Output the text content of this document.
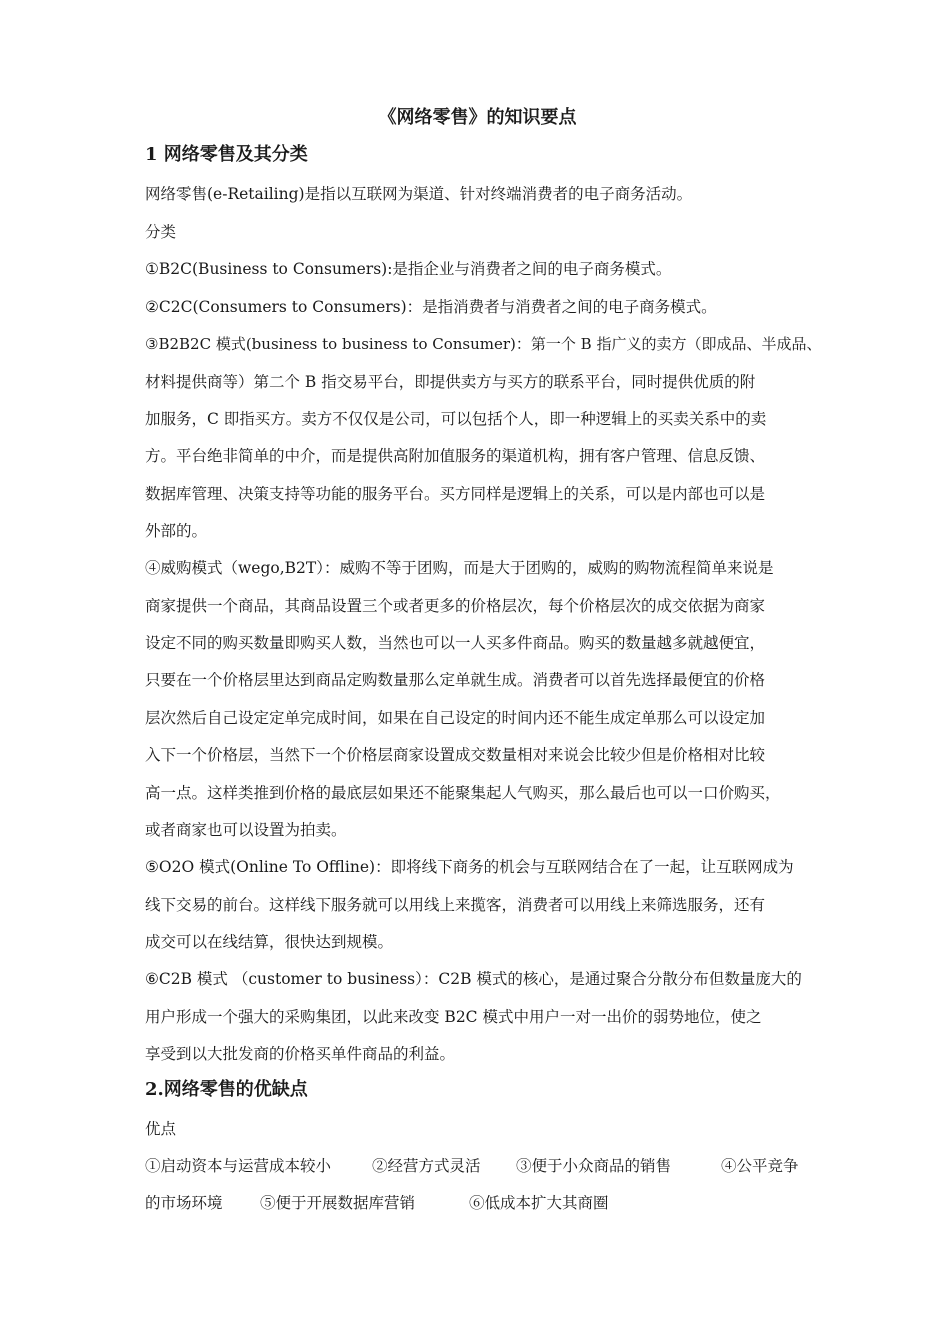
《网络零售》的知识要点
1 网络零售及其分类
网络零售(e-Retailing)是指以互联网为渠道、针对终端消费者的电子商务活动。
分类
①B2C(Business to Consumers):是指企业与消费者之间的电子商务模式。
②C2C(Consumers to Consumers)：是指消费者与消费者之间的电子商务模式。
③B2B2C 模式(business to business to Consumer)：第一个 B 指广义的卖方（即成品、半成品、
材料提供商等）第二个 B 指交易平台，即提供卖方与买方的联系平台，同时提供优质的附
加服务，C 即指买方。卖方不仅仅是公司，可以包括个人，即一种逻辑上的买卖关系中的卖
方。平台绝非简单的中介，而是提供高附加值服务的渠道机构，拥有客户管理、信息反馈、
数据库管理、决策支持等功能的服务平台。买方同样是逻辑上的关系，可以是内部也可以是
外部的。
④威购模式（wego,B2T）：威购不等于团购，而是大于团购的，威购的购物流程简单来说是
商家提供一个商品，其商品设置三个或者更多的价格层次，每个价格层次的成交依据为商家
设定不同的购买数量即购买人数，当然也可以一人买多件商品。购买的数量越多就越便宜，
只要在一个价格层里达到商品定购数量那么定单就生成。消费者可以首先选择最便宜的价格
层次然后自己设定定单完成时间，如果在自己设定的时间内还不能生成定单那么可以设定加
入下一个价格层，当然下一个价格层商家设置成交数量相对来说会比较少但是价格相对比较
高一点。这样类推到价格的最底层如果还不能聚集起人气购买，那么最后也可以一口价购买，
或者商家也可以设置为拍卖。
⑤O2O 模式(Online To Offline)：即将线下商务的机会与互联网结合在了一起，让互联网成为
线下交易的前台。这样线下服务就可以用线上来揽客，消费者可以用线上来筛选服务，还有
成交可以在线结算，很快达到规模。
⑥C2B 模式 （customer to business）：C2B 模式的核心，是通过聚合分散分布但数量庞大的
用户形成一个强大的采购集团，以此来改变 B2C 模式中用户一对一出价的弱势地位，使之
享受到以大批发商的价格买单件商品的利益。
2.网络零售的优缺点
优点
①启动资本与运营成本较小	②经营方式灵活 ③便于小众商品的销售	④公平竞争
的市场环境 ⑤便于开展数据库营销	⑥低成本扩大其商圈
